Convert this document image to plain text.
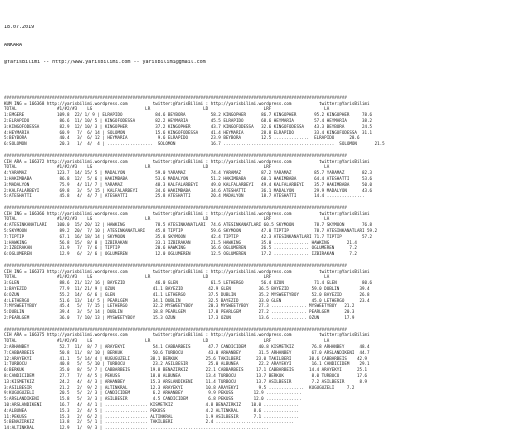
18.07.2019

ANKARA

@YarisBilimi -- http://www.yarisbilimi.com -- yarisbilimi@gmail.com

########################################################################################################################################
KUM ING = 166368 http://yarisbilimi.wordpress.com          twitter:@YarisBilimi : http://yarisbilimi.wordpress.com           twitter:@YarisBilimi
TOTAL                #1/#2/#3    LG                     LR                     LD                      LRF                     LA
1:EMGERE             109.8  22/ 1/ 9 | ELRAPIDO             84.6 BEYBORA          58.2 KINGOPHER      86.7 KINGOPHER       95.2 KINGOPHER     78.6
2:ELRAPIDO            86.6  11/ 10/ 5 | KINGOFODESSA        82.2 HEYMARIA         45.5 ELRAPIDO       68.6 HEYMARIA        57.4 HEYMARIA      38.2
3:KINGOFODESSA        82.9  12/ 10/ 3 | KINGOPHER           37.2 KINGOPHER        43.7 KINGOFODESSA   32.6 KINGOFODESSA    43.3 BEYBORA       24.5
4:HEYMARIA            60.9   7/  6/ 14 | SOLOMON            15.6 KINGOFODESSA     41.4 HEYMARIA       28.8 ELRAPIDO        33.4 KINGOFODESSA  31.1
5:BEYBORA             40.4   3/  6/ 12 | HEYMARIA            9.6 ELRAPIDO         23.9 BEYBORA        12.5 ..............  ELRAPIDO      28.6
6:SOLOMON             20.3   1/  4/  4 | ..................  SOLOMON              16.7 ............................................  SOLOMON       21.5
########################################################################################################################################
CIH ARA = 166372 http://yarisbilimi.wordpress.com          twitter:@YarisBilimi : http://yarisbilimi.wordpress.com           twitter:@YarisBilimi
TOTAL                #1/#2/#3    LG                     LR                     LD                      LRF                     LA
4:YARAMAZ            123.7  14/ 15/ 5 | MADALYON            59.0 YARAMAZ          74.4 YARAMAZ        87.2 YARAMAZ         85.7 YARAMAZ       82.3
1:HAKIMBABA           86.8  12/  5/ 6 | HAKIMBABA           53.6 MADALYON         51.2 HAKIMBABA      60.1 HAKIMBABA       64.4 ATESHATTI     53.6
3:MADALYON            75.9   4/ 11/ 7 | YARAMAZ             48.3 KALFALARBEYI     49.0 KALFALARBEYI   49.4 KALFALARBEYI    35.7 HAKIMBABA     50.0
2:KALFALARBEYI        69.8   3/  5/ 15 | KALFALARBEYI       34.6 HAKIMBABA        34.6 ATESHATTI      36.1 MADALYON        29.9 MADALYON      43.6
5:ATESHATTI           45.8   4/  4/ 7 | ATESHATTI           25.8 ATESHATTI        20.4 MADALYON       18.7 ATESHATTI       14.4 ...............
########################################################################################################################################
CIH ING = 166366 http://yarisbilimi.wordpress.com          twitter:@YarisBilimi : http://yarisbilimi.wordpress.com           twitter:@YarisBilimi
TOTAL                #1/#2/#3    LG                     LR                     LD                      LRF                     LA
4:ATESINKANATLARI    100.0  15/ 20/ 12 | HAWKING            78.5 ATESINKANATLARI  74.6 ATESINKANATLARI 60.5 SKYMOON        78.7 SKYMOON       76.8
5:SKYMOON             89.2  20/  7/ 10 | ATESINKANATLARI    45.8 TIPTIP           59.6 SKYMOON        47.0 TIPTIP          78.7 ATESINKANATLARI 59.2
7:TIPTIP              67.1  16/ 18/ 14 | SKYMOON            35.8 SKYMOON          42.4 TIPTIP         42.3 ATESINKANATLARI 71.7 TIPTIP        57.2
1:HAWKING             56.8  15/  8/ 8 | IZBIRAKAN           33.1 IZBIRAKAN        21.5 HAWKING        35.0 .............. HAWKING       21.4
2:IZBIRAKAN           31.9   7/  7/ 6 | TIPTIP              20.6 HAWKING          16.6 OGLUMEREN      26.5 .............. OGLUMEREN      7.2
6:OGLUMEREN           12.9   6/  2/ 6 | OGLUMEREN           12.0 OGLUMEREN        12.5 OGLUMEREN      17.2 .............. IZBIRAKAN      7.2
########################################################################################################################################
CIH ING = 166373 http://yarisbilimi.wordpress.com          twitter:@YarisBilimi : http://yarisbilimi.wordpress.com           twitter:@YarisBilimi
TOTAL                #1/#2/#3    LG                     LR                     LD                      LRF                     LA
3:GLEN                88.6  21/ 12/ 16 | BAYEZID            46.0 GLEN             61.5 LETHERGO       56.4 OZUN            71.4 GLEN          80.6
1:BAYEZID             77.9  11/ 21/ 9 | OZUN               41.1 BAYEZID          42.9 GLEN           36.5 BAYEZID         59.0 DUBLIN        39.4
6:OZUN                55.2  14/  6/ 6 | GLEN               41.1 LETHERGO         37.5 DUBLIN         35.2 MYSWEETYBOY     52.0 BAYEZID       26.8
4:LETHERGO            51.6  13/  14/ 5 | PEARLGEM          34.1 DUBLIN           32.5 BAYEZID        33.0 GLEN            45.0 LETHERGO      23.4
7:MYSWEETYBOY         45.4   5/  7/ 15 | LETHERGO          32.2 MYSWEETYBOY      20.3 MYSWEETYBOY    27.3 .............. MYSWEETYBOY   21.2
5:DUBLIN              39.4   3/  5/ 14 | DUBLIN            18.8 PEARLGEM         17.8 PEARLGEM       27.2 .............. PEARLGEM      20.3
2:PEARLGEM            36.0   7/ 10/ 13 | MYSWEETYBOY       15.3 OZUN             17.3 OZUN           13.6 .............. OZUN          17.9
########################################################################################################################################
CIH ARA = 166375 http://yarisbilimi.wordpress.com          twitter:@YarisBilimi : http://yarisbilimi.wordpress.com           twitter:@YarisBilimi
TOTAL                #1/#2/#3    LG                     LR                     LD                      LRF                     LA
2:ARHANBEY            52.7  11/  8/ 7 | ARAYEKYI           54.1 CABBARBEIS       47.7 CANDICIDEM     40.8 KISMETKIZ       76.8 ARHANBEY      48.4
7:CABBARBEIS          50.8  11/  8/ 10 | BERKUK            50.6 TURBOCU          43.0 ARHANBEY       31.5 ARHANBEY        67.0 ARSLANDIKENI  44.7
12:ARAYEKYI           41.1   5/ 14/ 4 | KUGUGUZELI        38.1 BERKUK           25.6 TAKILBERI      23.0 TAKILBERI       30.6 CABBARBEIS    42.9
1:TURBOCU             40.8   5/  5/ 10 | TURBOCU           23.2 ASILBESIR        25.0 ALBUNEA        22.2 ARAYEKYI        16.1 CANDICIDEM    29.1
6:BERKUK              35.0   8/  5/ 7 | CABBARBEIS        19.8 BENAZIRKIZ       22.1 CABBARBEIS     17.1 CABBARBEIS      14.4 ARAYEKYI      25.1
8:CANDICIDEM          27.7   7/  4/ 5 | PEKUSS            18.0 ALBUNEA          13.4 TURBOCU        13.7 BERKUK           8.0 TURBOCU       17.6
13:KISMETKIZ          24.2   4/  4/ 3 | ARHANBEY          15.3 ARSLANDIKENI     11.4 TURBOCU        13.7 ASILBESIR        7.2 ASILBESIR      8.9
3:ASILBESIR           21.2   2/  9/ 2 | ALTINKRAL         12.3 ARAYEKYI         10.8 ARAYEKYI        9.5 ..............  KUGUGUZELI     7.2
9:KUGUGUZELI          20.5   5/  2/ 3 | CANDICIDEM         6.2 ARHANBEY          9.9 PEKUSS        12.9 ..............
5:ARSLANDIKENI        15.8   5/  3/ 3 | ASILBESIR          4.5 CANDICIDEM        6.8 PEKUSS        12.0 ..............
10:ARSLANDIKENI       16.7   4/  4/ 1 | ................. KISMETKIZ             4.8 BENAZIRKIZ    10.0 ..............
4:ALBUNEA             15.3   2/  4/ 5 | ................. PEKUSS                4.2 ALTINKRAL      8.6 ..............
11:PEKUSS             15.3   2/  6/ 2 | ................. ALTINKRAL             1.9 ASILBESIR      7.1 ..............
5:BENAZIRKIZ          13.8   2/  5/ 1 | ................. TAKILBERI             2.4 ...............................
14:ALTINKRAL          12.9   1/  9/ 3 | ................. ...............................................
